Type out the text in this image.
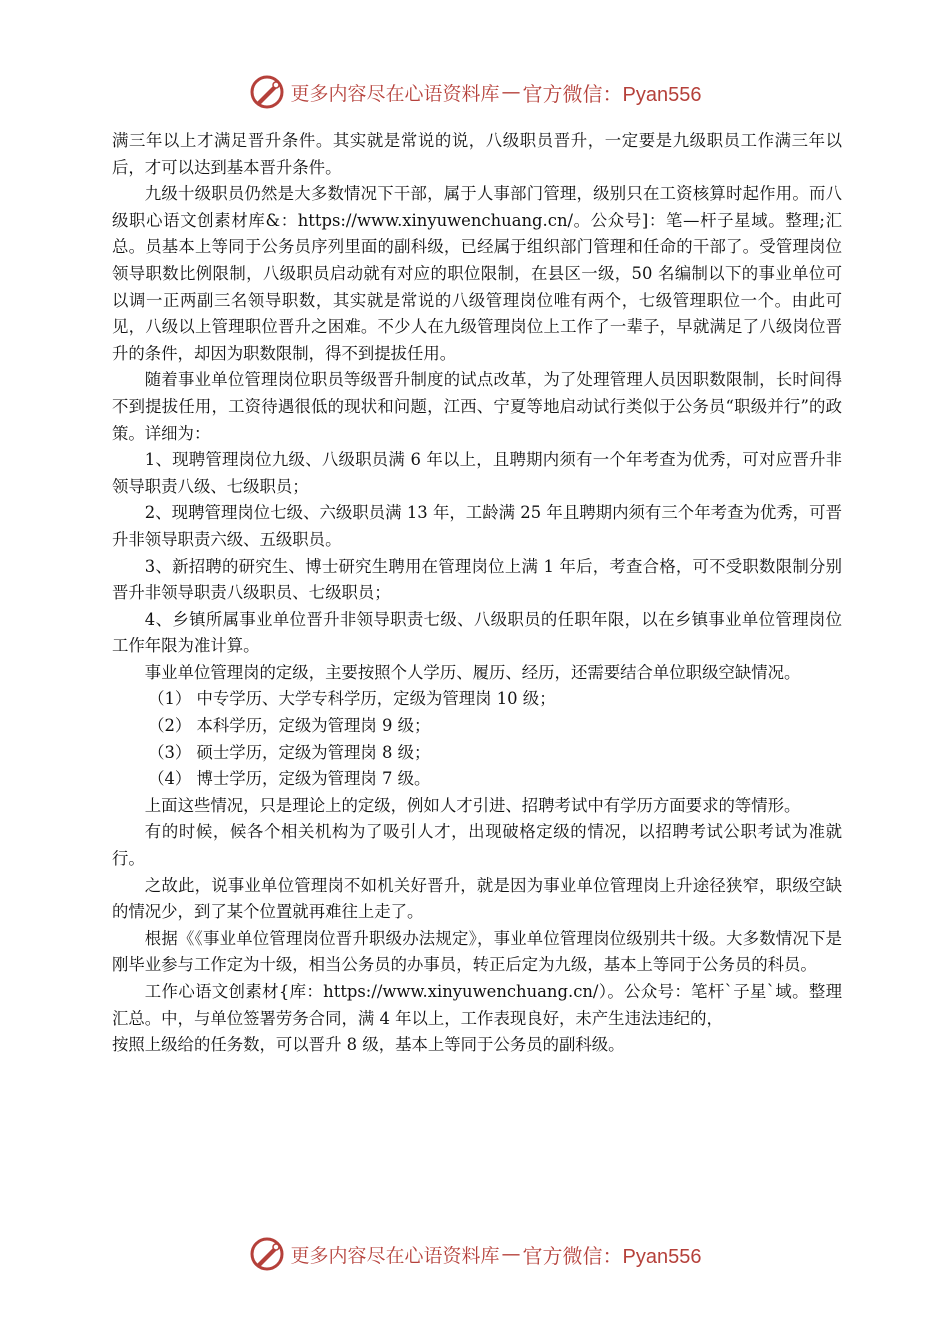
更多内容尽在心语资料库 — 官方微信：Pyan556

满三年以上才满足晋升条件。其实就是常说的说，八级职员晋升，一定要是九级职员工作满三年以后，才可以达到基本晋升条件。

九级十级职员仍然是大多数情况下干部，属于人事部门管理，级别只在工资核算时起作用。而八级职心语文创素材库&：https://www.xinyuwenchuang.cn/。公众号]：笔—杆子星域。整理;汇总。员基本上等同于公务员序列里面的副科级，已经属于组织部门管理和任命的干部了。受管理岗位领导职数比例限制，八级职员启动就有对应的职位限制，在县区一级，50 名编制以下的事业单位可以调一正两副三名领导职数，其实就是常说的八级管理岗位唯有两个，七级管理职位一个。由此可见，八级以上管理职位晋升之困难。不少人在九级管理岗位上工作了一辈子，早就满足了八级岗位晋升的条件，却因为职数限制，得不到提拔任用。

随着事业单位管理岗位职员等级晋升制度的试点改革，为了处理管理人员因职数限制，长时间得不到提拔任用，工资待遇很低的现状和问题，江西、宁夏等地启动试行类似于公务员“职级并行”的政策。详细为：

1、现聘管理岗位九级、八级职员满 6 年以上，且聘期内须有一个年考查为优秀，可对应晋升非领导职责八级、七级职员；

2、现聘管理岗位七级、六级职员满 13 年，工龄满 25 年且聘期内须有三个年考查为优秀，可晋升非领导职责六级、五级职员。

3、新招聘的研究生、博士研究生聘用在管理岗位上满 1 年后，考查合格，可不受职数限制分别晋升非领导职责八级职员、七级职员；

4、乡镇所属事业单位晋升非领导职责七级、八级职员的任职年限，以在乡镇事业单位管理岗位工作年限为准计算。

事业单位管理岗的定级，主要按照个人学历、履历、经历，还需要结合单位职级空缺情况。

（1） 中专学历、大学专科学历，定级为管理岗 10 级；

（2） 本科学历，定级为管理岗 9 级；

（3） 硕士学历，定级为管理岗 8 级；

（4） 博士学历，定级为管理岗 7 级。

上面这些情况，只是理论上的定级，例如人才引进、招聘考试中有学历方面要求的等情形。

有的时候，候各个相关机构为了吸引人才，出现破格定级的情况，以招聘考试公职考试为准就行。

之故此，说事业单位管理岗不如机关好晋升，就是因为事业单位管理岗上升途径狭窄，职级空缺的情况少，到了某个位置就再难往上走了。

根据《《事业单位管理岗位晋升职级办法规定》，事业单位管理岗位级别共十级。大多数情况下是刚毕业参与工作定为十级，相当公务员的办事员，转正后定为九级，基本上等同于公务员的科员。

工作心语文创素材{库：https://www.xinyuwenchuang.cn/）。公众号：笔杆`子星`域。整理汇总。中，与单位签署劳务合同，满 4 年以上，工作表现良好，未产生违法违纪的，

按照上级给的任务数，可以晋升 8 级，基本上等同于公务员的副科级。

更多内容尽在心语资料库 — 官方微信：Pyan556
